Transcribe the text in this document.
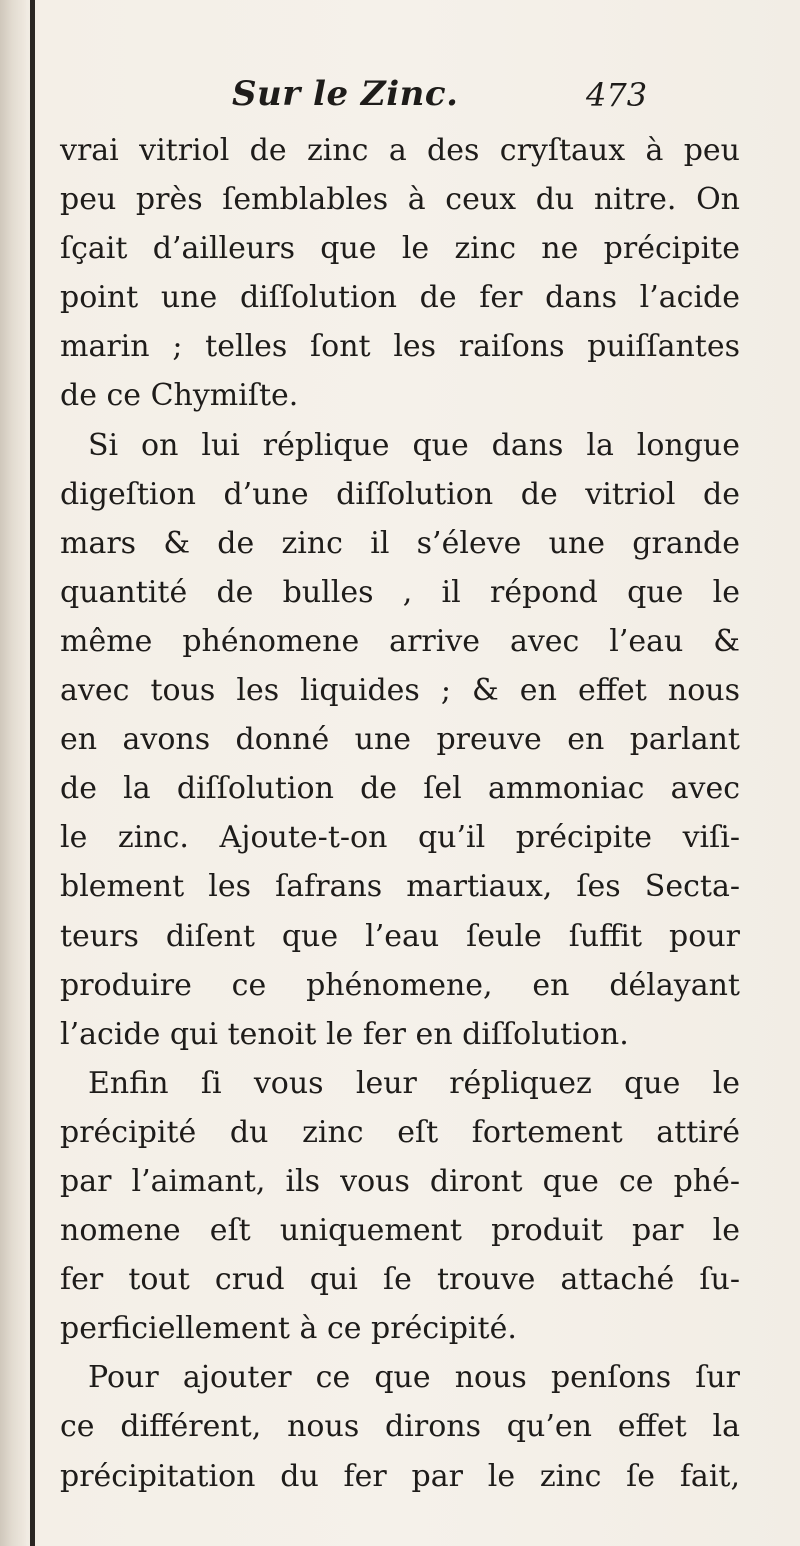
Sur le Zinc.	473
vrai vitriol de zinc a des cryſtaux à peu
peu près ſemblables à ceux du nitre. On
ſçait d’ailleurs que le zinc ne précipite
point une diſſolution de fer dans l’acide
marin ; telles ſont les raiſons puiſſantes
de ce Chymiſte.
Si on lui réplique que dans la longue
digeſtion d’une diſſolution de vitriol de
mars & de zinc il s’éleve une grande
quantité de bulles , il répond que le
même phénomene arrive avec l’eau &
avec tous les liquides ; & en effet nous
en avons donné une preuve en parlant
de la diſſolution de ſel ammoniac avec
le zinc. Ajoute-t-on qu’il précipite viſi-
blement les ſafrans martiaux, ſes Secta-
teurs diſent que l’eau ſeule ſuffit pour
produire ce phénomene, en délayant
l’acide qui tenoit le fer en diſſolution.
Enfin ſi vous leur répliquez que le
précipité du zinc eſt fortement attiré
par l’aimant, ils vous diront que ce phé-
nomene eſt uniquement produit par le
fer tout crud qui ſe trouve attaché ſu-
perficiellement à ce précipité.
Pour ajouter ce que nous penſons ſur
ce différent, nous dirons qu’en effet la
précipitation du fer par le zinc ſe fait,
